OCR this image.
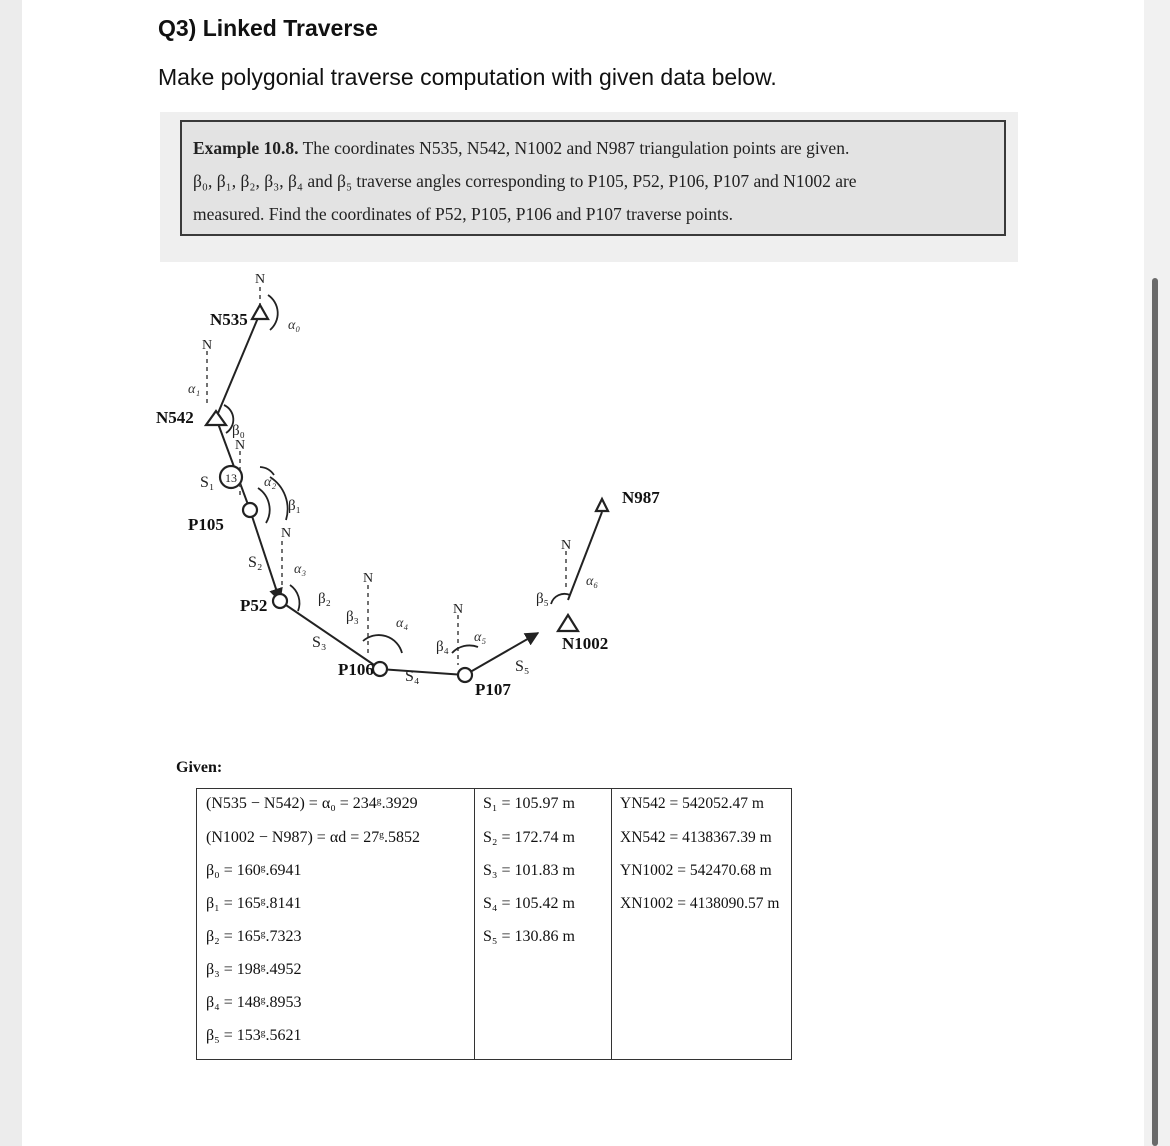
Q3) Linked Traverse
Make polygonial traverse computation with given data below.
Example 10.8. The coordinates N535, N542, N1002 and N987 triangulation points are given.
β₀, β₁, β₂, β₃, β₄ and β₅ traverse angles corresponding to P105, P52, P106, P107 and N1002 are
measured. Find the coordinates of P52, P105, P106 and P107 traverse points.
N
N
N
N
N
N
N
N535
N542
P105
P52
P106
P107
N1002
N987
α₀
α₁
α₂
α₃
α₄
α₅
α₆
β₀
β₁
β₂
β₃
β₄
β₅
S₁
S₂
S₃
S₄
S₅
13
Given:
(N535 − N542) = α₀ = 234ᵍ.3929
(N1002 − N987) = αd = 27ᵍ.5852
β₀ = 160ᵍ.6941
β₁ = 165ᵍ.8141
β₂ = 165ᵍ.7323
β₃ = 198ᵍ.4952
β₄ = 148ᵍ.8953
β₅ = 153ᵍ.5621
S₁ = 105.97 m
S₂ = 172.74 m
S₃ = 101.83 m
S₄ = 105.42 m
S₅ = 130.86 m
YN542 = 542052.47 m
XN542 = 4138367.39 m
YN1002 = 542470.68 m
XN1002 = 4138090.57 m
